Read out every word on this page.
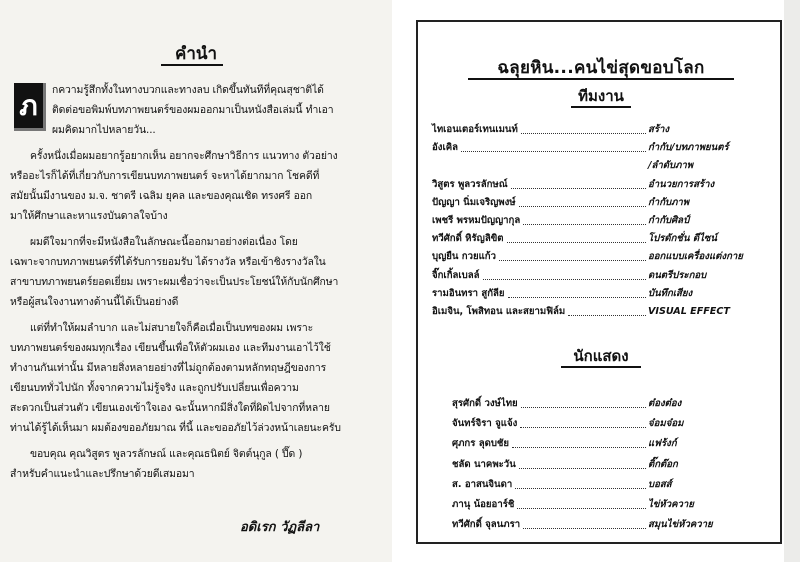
คำนำ
ภ	กความรู้สึกทั้งในทางบวกและทางลบ เกิดขึ้นทันทีที่คุณสุชาติได้

ติดต่อขอพิมพ์บทภาพยนตร์ของผมออกมาเป็นหนังสือเล่มนี้ ทำเอา

ผมคิดมากไปหลายวัน...

ครั้งหนึ่งเมื่อผมอยากรู้อยากเห็น อยากจะศึกษาวิธีการ แนวทาง ตัวอย่าง

หรืออะไรก็ได้ที่เกี่ยวกับการเขียนบทภาพยนตร์ จะหาได้ยากมาก โชคดีที่

สมัยนั้นมีงานของ ม.จ. ชาตรี เฉลิม ยุคล และของคุณเชิด ทรงศรี ออก

มาให้ศึกษาและหาแรงบันดาลใจบ้าง

ผมดีใจมากที่จะมีหนังสือในลักษณะนี้ออกมาอย่างต่อเนื่อง โดย

เฉพาะจากบทภาพยนตร์ที่ได้รับการยอมรับ ได้รางวัล หรือเข้าชิงรางวัลใน

สาขาบทภาพยนตร์ยอดเยี่ยม เพราะผมเชื่อว่าจะเป็นประโยชน์ให้กับนักศึกษา

หรือผู้สนใจงานทางด้านนี้ได้เป็นอย่างดี

แต่ที่ทำให้ผมลำบาก และไม่สบายใจก็คือเมื่อเป็นบทของผม เพราะ

บทภาพยนตร์ของผมทุกเรื่อง เขียนขึ้นเพื่อให้ตัวผมเอง และทีมงานเอาไว้ใช้

ทำงานกันเท่านั้น มีหลายสิ่งหลายอย่างที่ไม่ถูกต้องตามหลักทฤษฎีของการ

เขียนบททั่วไปนัก ทั้งจากความไม่รู้จริง และถูกปรับเปลี่ยนเพื่อความ

สะดวกเป็นส่วนตัว เขียนเองเข้าใจเอง ฉะนั้นหากมีสิ่งใดที่ผิดไปจากที่หลาย

ท่านได้รู้ได้เห็นมา ผมต้องขออภัยมาณ ที่นี้ และขออภัยไว้ล่วงหน้าเลยนะครับ

ขอบคุณ คุณวิสูตร พูลวรลักษณ์ และคุณธนิตย์ จิตต์นุกูล ( ปึ๊ด )

สำหรับคำแนะนำและปรึกษาด้วยดีเสมอมา

อดิเรก วัฏลีลา

ฉลุยหิน...คนไข่สุดขอบโลก
ทีมงาน
ไทเอนเตอร์เทนเมนท์	สร้าง
อังเคิล	กำกับ/บทภาพยนตร์
/ลำดับภาพ
วิสูตร พูลวรลักษณ์	อำนวยการสร้าง
ปัญญา นิ่มเจริญพงษ์	กำกับภาพ
เพชรี พรหมปัญญากุล	กำกับศิลป์
ทวีศักดิ์ หิรัญลิขิต	โปรดักชั่น ดีไซน์
บุญยืน กวยแก้ว	ออกแบบเครื่องแต่งกาย
จิ๊กเกิ้ลเบลล์	ดนตรีประกอบ
รามอินทรา สูกัลีย	บันทึกเสียง
อิเมจิน, โพสิทอน และสยามฟิล์ม	VISUAL EFFECT
นักแสดง
สุรศักดิ์ วงษ์ไทย	ต๋องต๋อง
จันทร์จิรา จูแจ้ง	จ๋อมจ๋อม
ศุภกร ลุดบชัย	แฟร้งก์
ชลัด นาคพะวัน	ติ๊กต๊อก
ส. อาสนจินดา	บอสส์
ภานุ น้อยอาร์ชิ	ไข่หัวควาย
ทวีศักดิ์ จุลนภรา	สมุนไข่หัวควาย
